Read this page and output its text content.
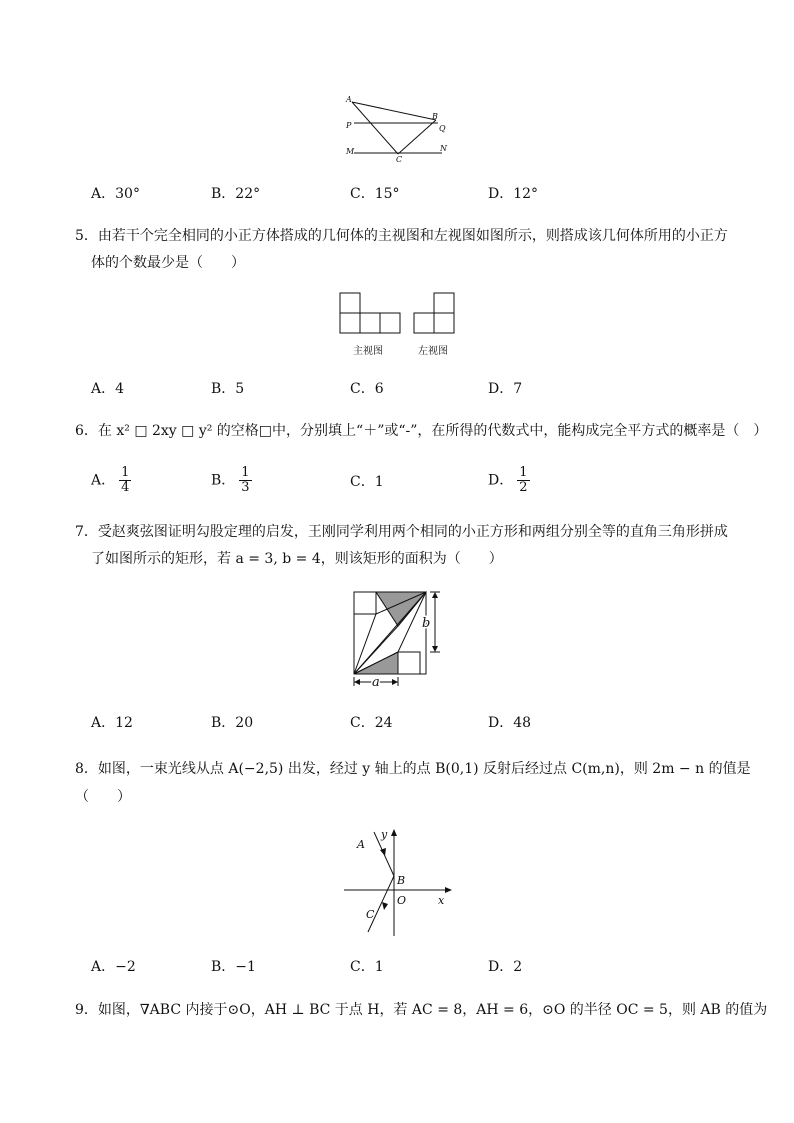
A
B
P	Q
M	N
C
A．30°	B．22°	C．15°	D．12°
5．由若干个完全相同的小正方体搭成的几何体的主视图和左视图如图所示，则搭成该几何体所用的小正方
体的个数最少是（　　）
主视图	左视图
A．4	B．5	C．6	D．7
6．在 x² □ 2xy □ y² 的空格□中，分别填上“＋”或“-”，在所得的代数式中，能构成完全平方式的概率是（　）
A． $\frac{1}{4}$	B． $\frac{1}{3}$	C．1	D． $\frac{1}{2}$
7．受赵爽弦图证明勾股定理的启发，王刚同学利用两个相同的小正方形和两组分别全等的直角三角形拼成
了如图所示的矩形，若 a = 3, b = 4，则该矩形的面积为（　　）
b
a
A．12	B．20	C．24	D．48
8．如图，一束光线从点 A(−2,5) 出发，经过 y 轴上的点 B(0,1) 反射后经过点 C(m,n)，则 2m − n 的值是
（　　）
A
B
O
C
x
y
A．−2	B．−1	C．1	D．2
9．如图，∇ABC 内接于⊙O，AH ⊥ BC 于点 H，若 AC = 8，AH = 6，⊙O 的半径 OC = 5，则 AB 的值为
